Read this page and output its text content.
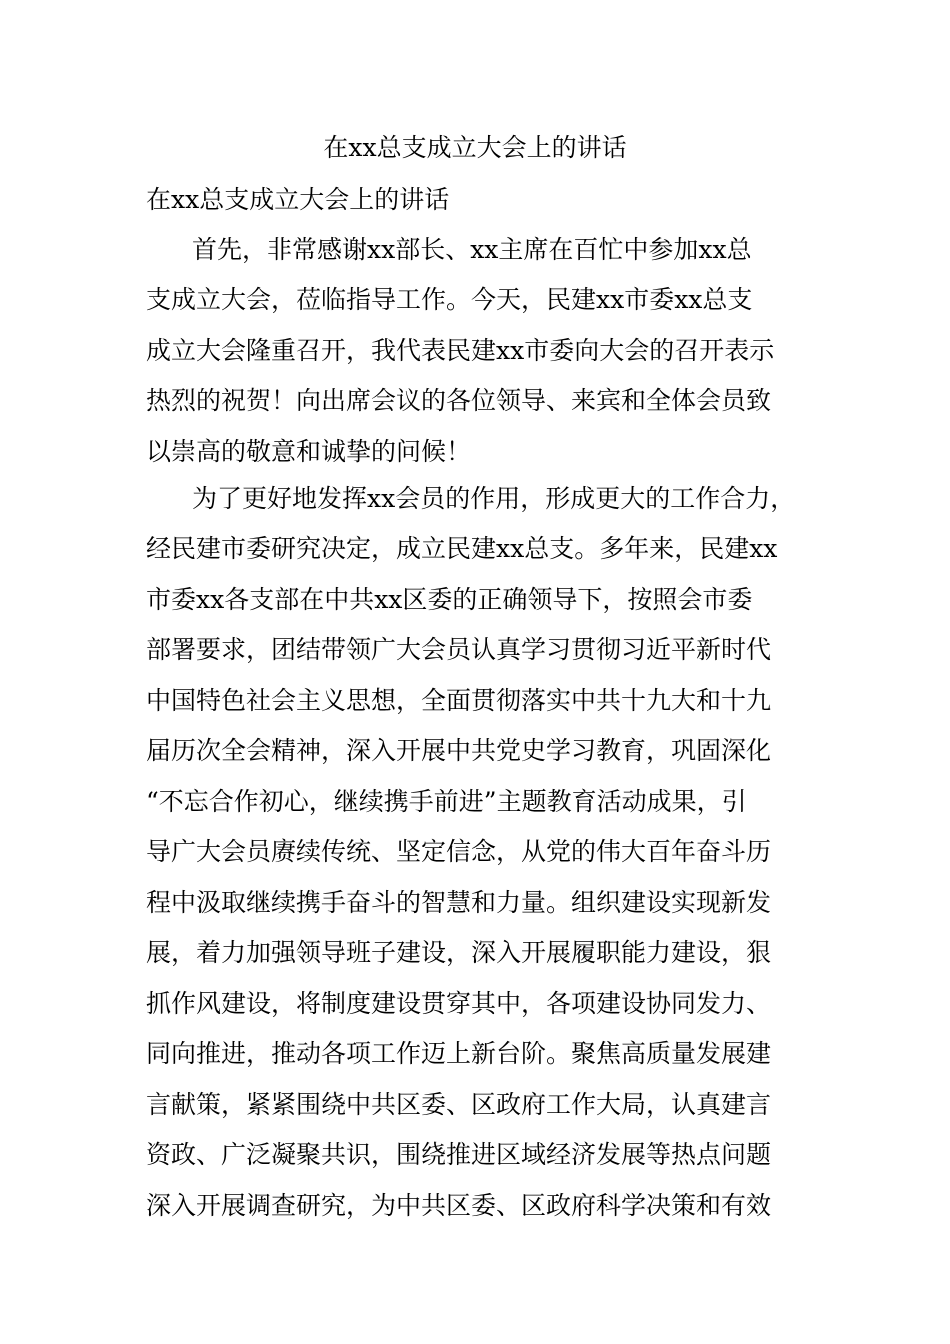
在xx总支成立大会上的讲话

在xx总支成立大会上的讲话

首先，非常感谢xx部长、xx主席在百忙中参加xx总

支成立大会，莅临指导工作。今天，民建xx市委xx总支

成立大会隆重召开，我代表民建xx市委向大会的召开表示

热烈的祝贺！向出席会议的各位领导、来宾和全体会员致

以崇高的敬意和诚挚的问候！

为了更好地发挥xx会员的作用，形成更大的工作合力，

经民建市委研究决定，成立民建xx总支。多年来，民建xx

市委xx各支部在中共xx区委的正确领导下，按照会市委

部署要求，团结带领广大会员认真学习贯彻习近平新时代

中国特色社会主义思想，全面贯彻落实中共十九大和十九

届历次全会精神，深入开展中共党史学习教育，巩固深化

“不忘合作初心，继续携手前进”主题教育活动成果，引

导广大会员赓续传统、坚定信念，从党的伟大百年奋斗历

程中汲取继续携手奋斗的智慧和力量。组织建设实现新发

展，着力加强领导班子建设，深入开展履职能力建设，狠

抓作风建设，将制度建设贯穿其中，各项建设协同发力、

同向推进，推动各项工作迈上新台阶。聚焦高质量发展建

言献策，紧紧围绕中共区委、区政府工作大局，认真建言

资政、广泛凝聚共识，围绕推进区域经济发展等热点问题

深入开展调查研究，为中共区委、区政府科学决策和有效
